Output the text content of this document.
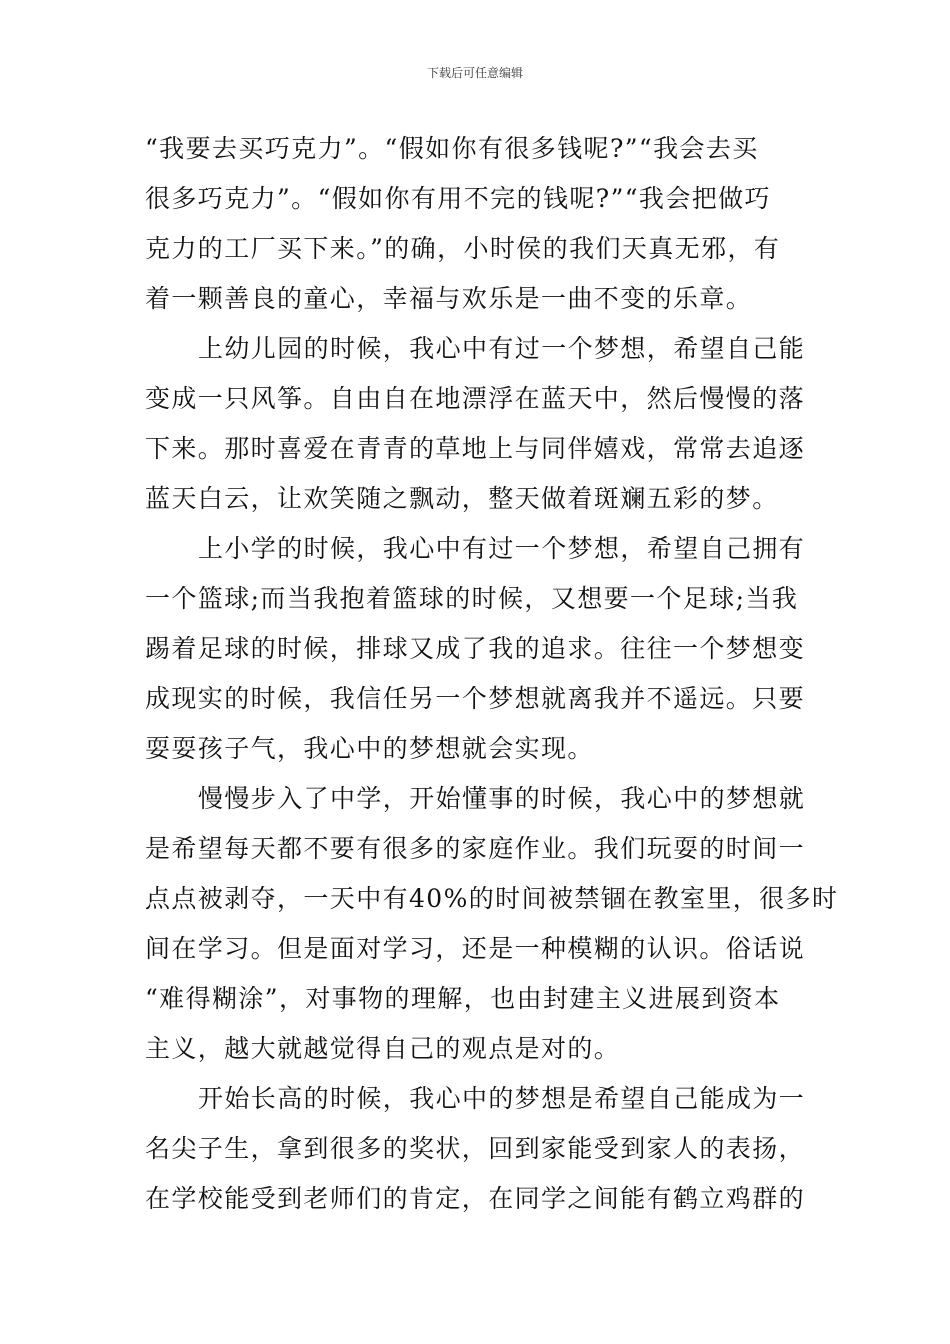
下载后可任意编辑
“我要去买巧克力”。“假如你有很多钱呢?”“我会去买
很多巧克力”。“假如你有用不完的钱呢?”“我会把做巧
克力的工厂买下来。”的确，小时侯的我们天真无邪，有
着一颗善良的童心，幸福与欢乐是一曲不变的乐章。
上幼儿园的时候，我心中有过一个梦想，希望自己能
变成一只风筝。自由自在地漂浮在蓝天中，然后慢慢的落
下来。那时喜爱在青青的草地上与同伴嬉戏，常常去追逐
蓝天白云，让欢笑随之飘动，整天做着斑斓五彩的梦。
上小学的时候，我心中有过一个梦想，希望自己拥有
一个篮球;而当我抱着篮球的时候，又想要一个足球;当我
踢着足球的时候，排球又成了我的追求。往往一个梦想变
成现实的时候，我信任另一个梦想就离我并不遥远。只要
耍耍孩子气，我心中的梦想就会实现。
慢慢步入了中学，开始懂事的时候，我心中的梦想就
是希望每天都不要有很多的家庭作业。我们玩耍的时间一
点点被剥夺，一天中有40%的时间被禁锢在教室里，很多时
间在学习。但是面对学习，还是一种模糊的认识。俗话说
“难得糊涂”，对事物的理解，也由封建主义进展到资本
主义，越大就越觉得自己的观点是对的。
开始长高的时候，我心中的梦想是希望自己能成为一
名尖子生，拿到很多的奖状，回到家能受到家人的表扬，
在学校能受到老师们的肯定，在同学之间能有鹤立鸡群的
